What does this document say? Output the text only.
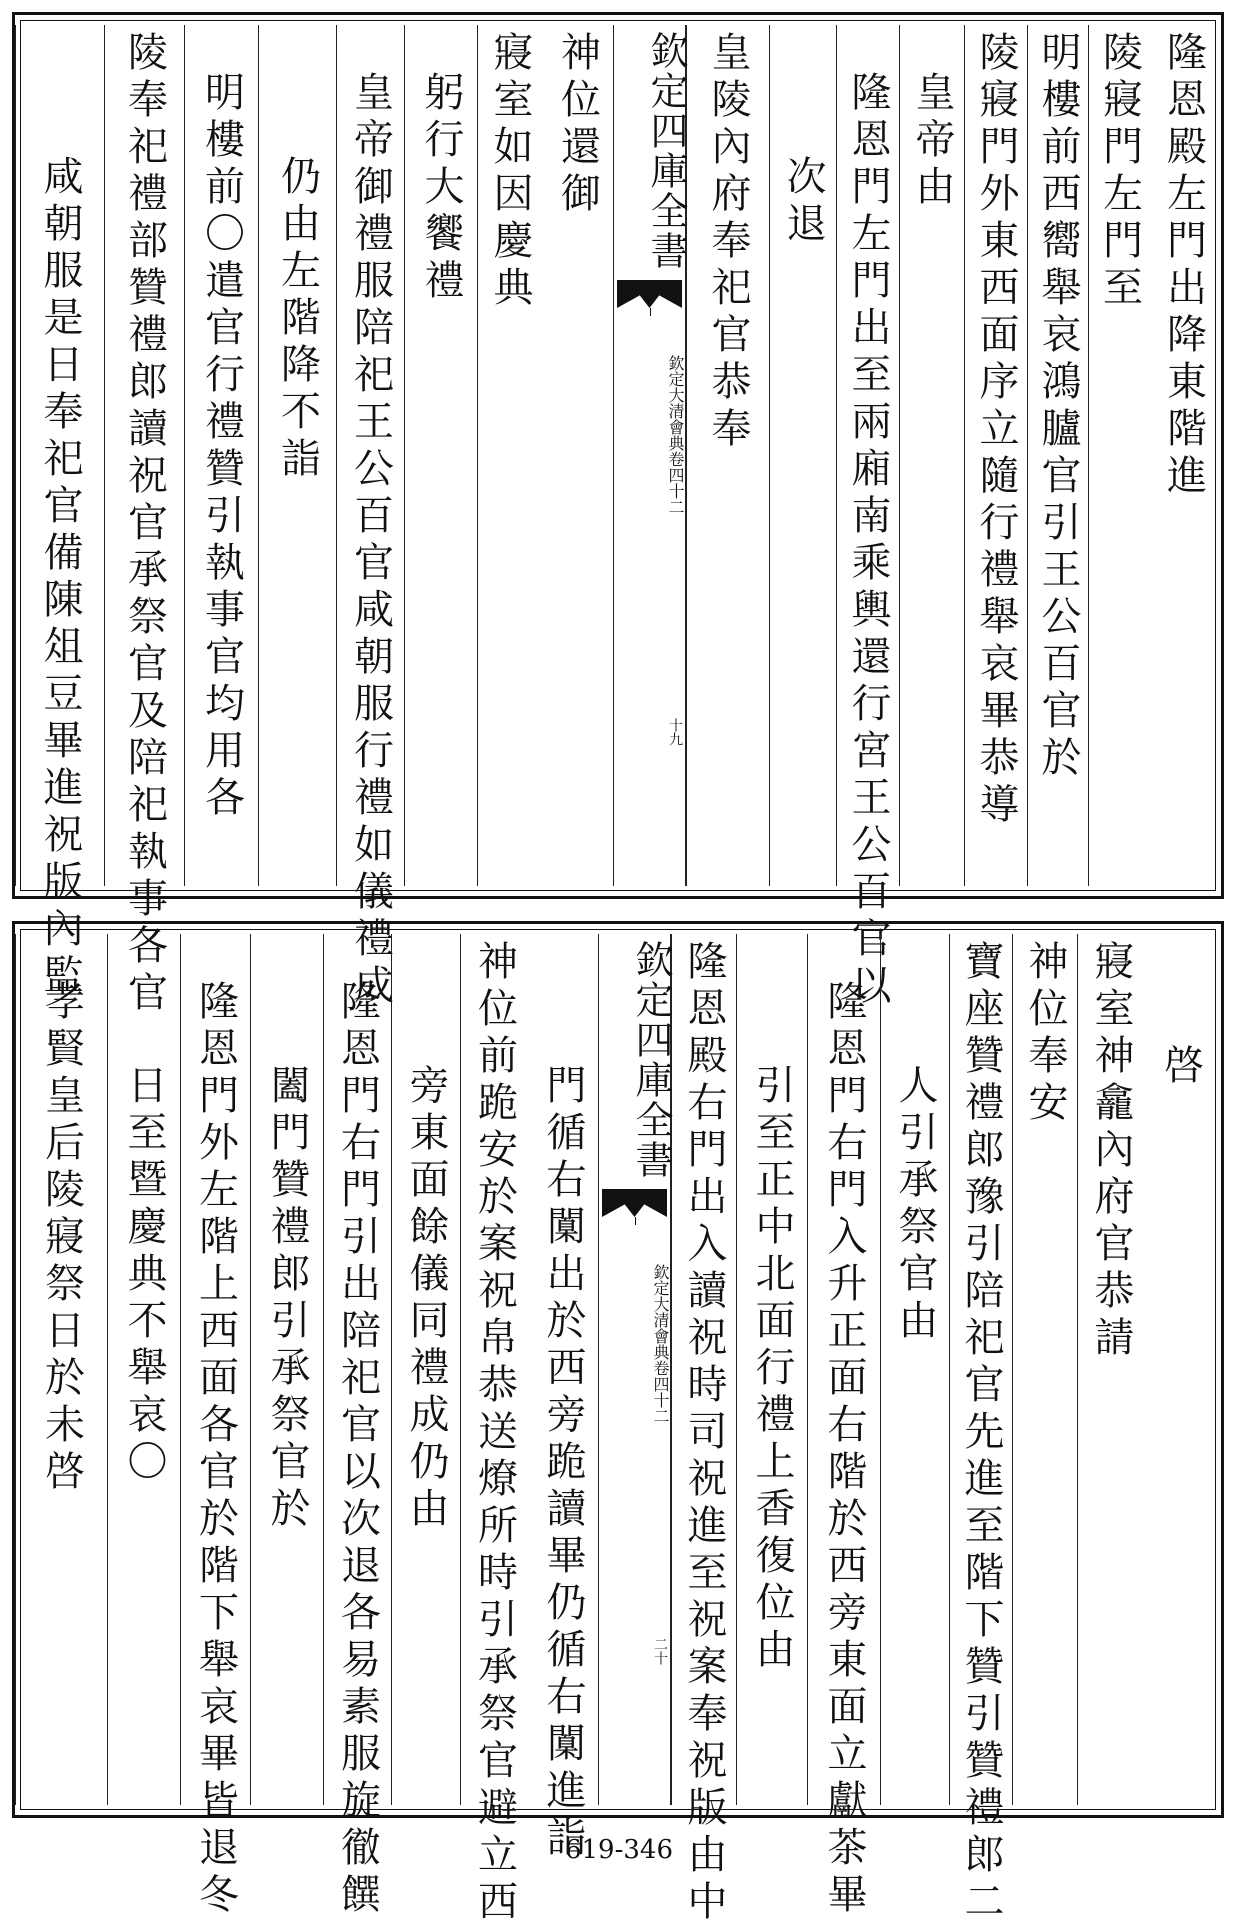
隆恩殿左門出降東階進
陵寢門左門至
明樓前西嚮舉哀鴻臚官引王公百官於
陵寢門外東西面序立隨行禮舉哀畢恭導
皇帝由
隆恩門左門出至兩廂南乘輿還行宮王公百官以
次退
皇陵內府奉祀官恭奉
欽定四庫全書
欽定大清會典
卷四十二
十九
神位還御
寢室如因慶典
躬行大饗禮
皇帝御禮服陪祀王公百官咸朝服行禮如儀禮成
仍由左階降不詣
明樓前〇遣官行禮贊引執事官均用各
陵奉祀禮部贊禮郎讀祝官承祭官及陪祀執事各官
咸朝服是日奉祀官備陳俎豆畢進祝版內監
啓
寢室神龕內府官恭請
神位奉安
寶座贊禮郎豫引陪祀官先進至階下贊引贊禮郎二
人引承祭官由
隆恩門右門入升正面右階於西旁東面立獻茶畢
引至正中北面行禮上香復位由
隆恩殿右門出入讀祝時司祝進至祝案奉祝版由中
欽定四庫全書
欽定大清會典
卷四十二
二十
門循右闑出於西旁跪讀畢仍循右闑進詣
神位前跪安於案祝帛恭送燎所時引承祭官避立西
旁東面餘儀同禮成仍由
隆恩門右門引出陪祀官以次退各易素服旋徹饌
闔門贊禮郎引承祭官於
隆恩門外左階上西面各官於階下舉哀畢皆退冬
日至暨慶典不舉哀〇
孝賢皇后陵寢祭日於未啓
619-346
